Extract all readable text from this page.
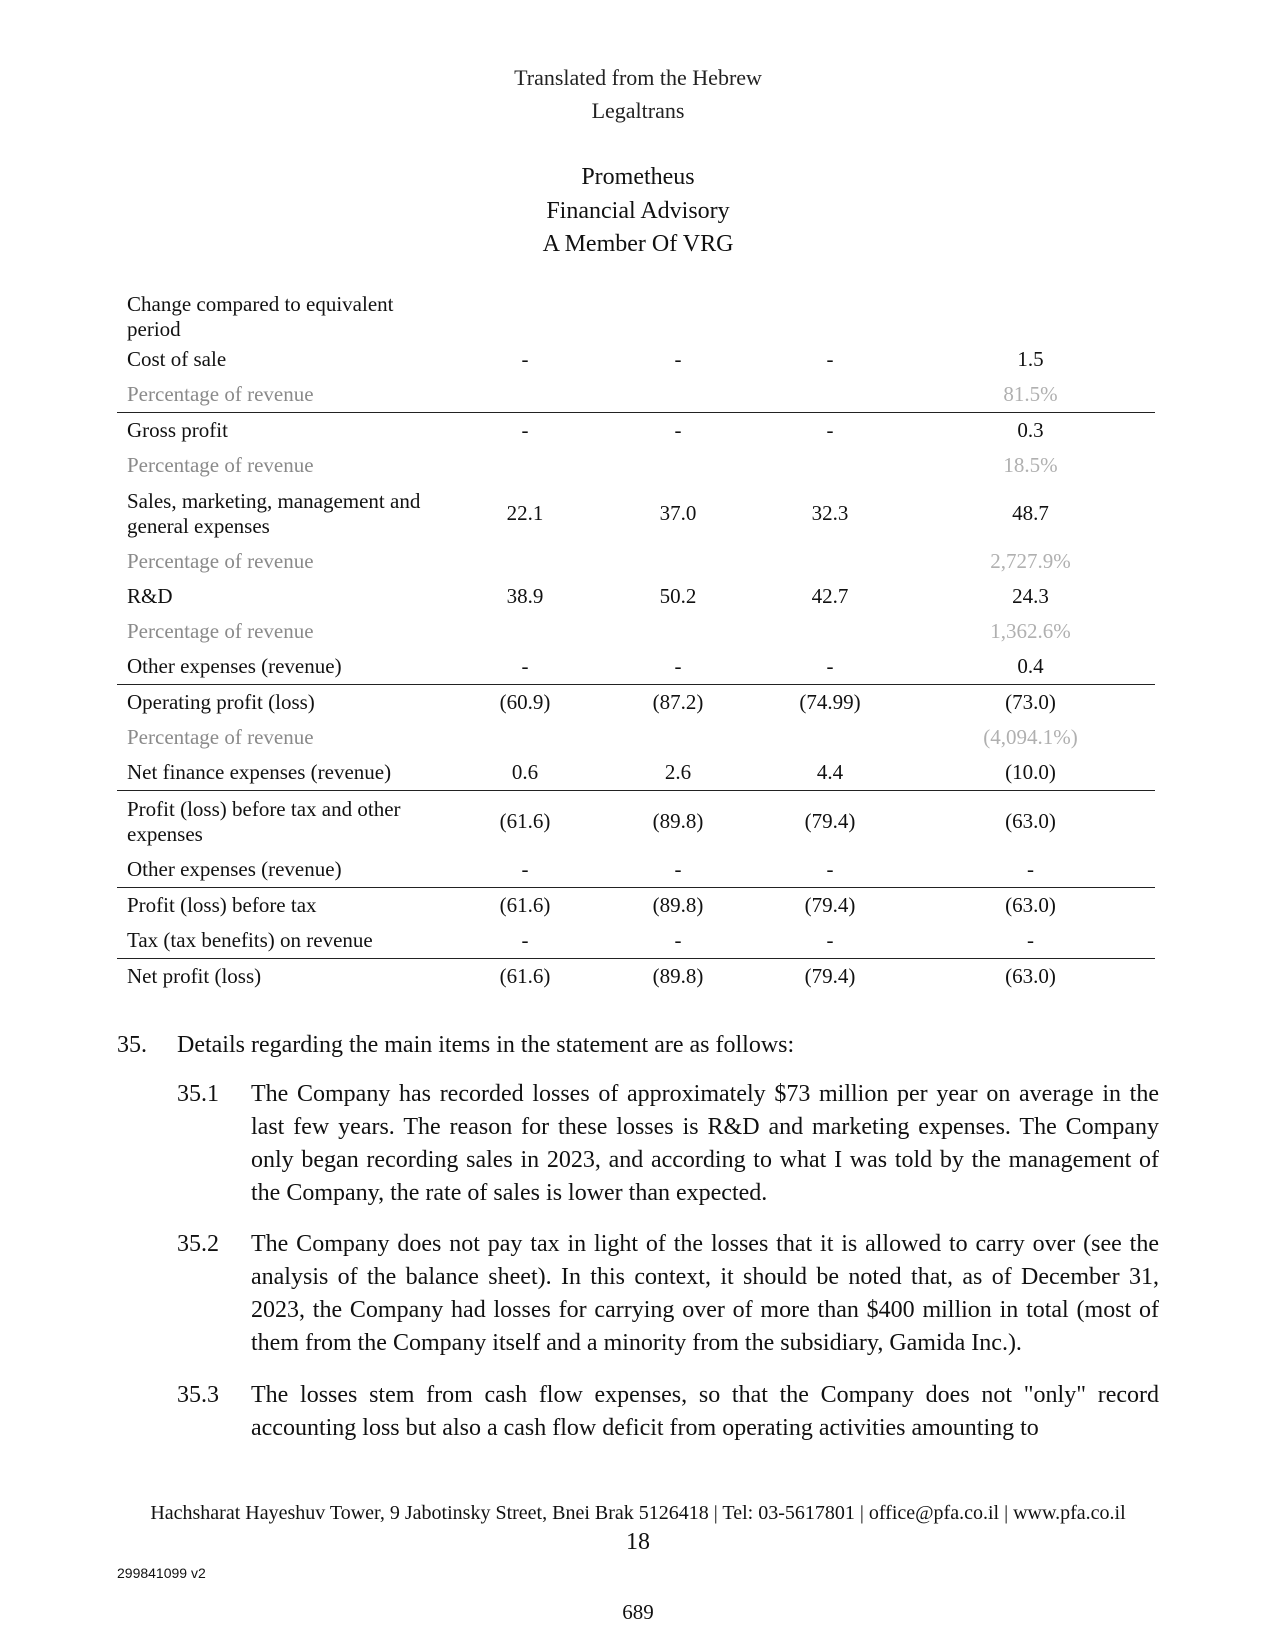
Translated from the Hebrew
Legaltrans
Prometheus
Financial Advisory
A Member Of VRG
Change compared to equivalent period				
Cost of sale	-	-	-	1.5
Percentage of revenue				81.5%
Gross profit	-	-	-	0.3
Percentage of revenue				18.5%
Sales, marketing, management and general expenses	22.1	37.0	32.3	48.7
Percentage of revenue				2,727.9%
R&D	38.9	50.2	42.7	24.3
Percentage of revenue				1,362.6%
Other expenses (revenue)	-	-	-	0.4
Operating profit (loss)	(60.9)	(87.2)	(74.99)	(73.0)
Percentage of revenue				(4,094.1%)
Net finance expenses (revenue)	0.6	2.6	4.4	(10.0)
Profit (loss) before tax and other expenses	(61.6)	(89.8)	(79.4)	(63.0)
Other expenses (revenue)	-	-	-	-
Profit (loss) before tax	(61.6)	(89.8)	(79.4)	(63.0)
Tax (tax benefits) on revenue	-	-	-	-
Net profit (loss)	(61.6)	(89.8)	(79.4)	(63.0)
35. Details regarding the main items in the statement are as follows:
35.1 The Company has recorded losses of approximately $73 million per year on average in the last few years. The reason for these losses is R&D and marketing expenses. The Company only began recording sales in 2023, and according to what I was told by the management of the Company, the rate of sales is lower than expected.
35.2 The Company does not pay tax in light of the losses that it is allowed to carry over (see the analysis of the balance sheet). In this context, it should be noted that, as of December 31, 2023, the Company had losses for carrying over of more than $400 million in total (most of them from the Company itself and a minority from the subsidiary, Gamida Inc.).
35.3 The losses stem from cash flow expenses, so that the Company does not "only" record accounting loss but also a cash flow deficit from operating activities amounting to
Hachsharat Hayeshuv Tower, 9 Jabotinsky Street, Bnei Brak 5126418 | Tel: 03-5617801 | office@pfa.co.il | www.pfa.co.il
18
299841099 v2
689
